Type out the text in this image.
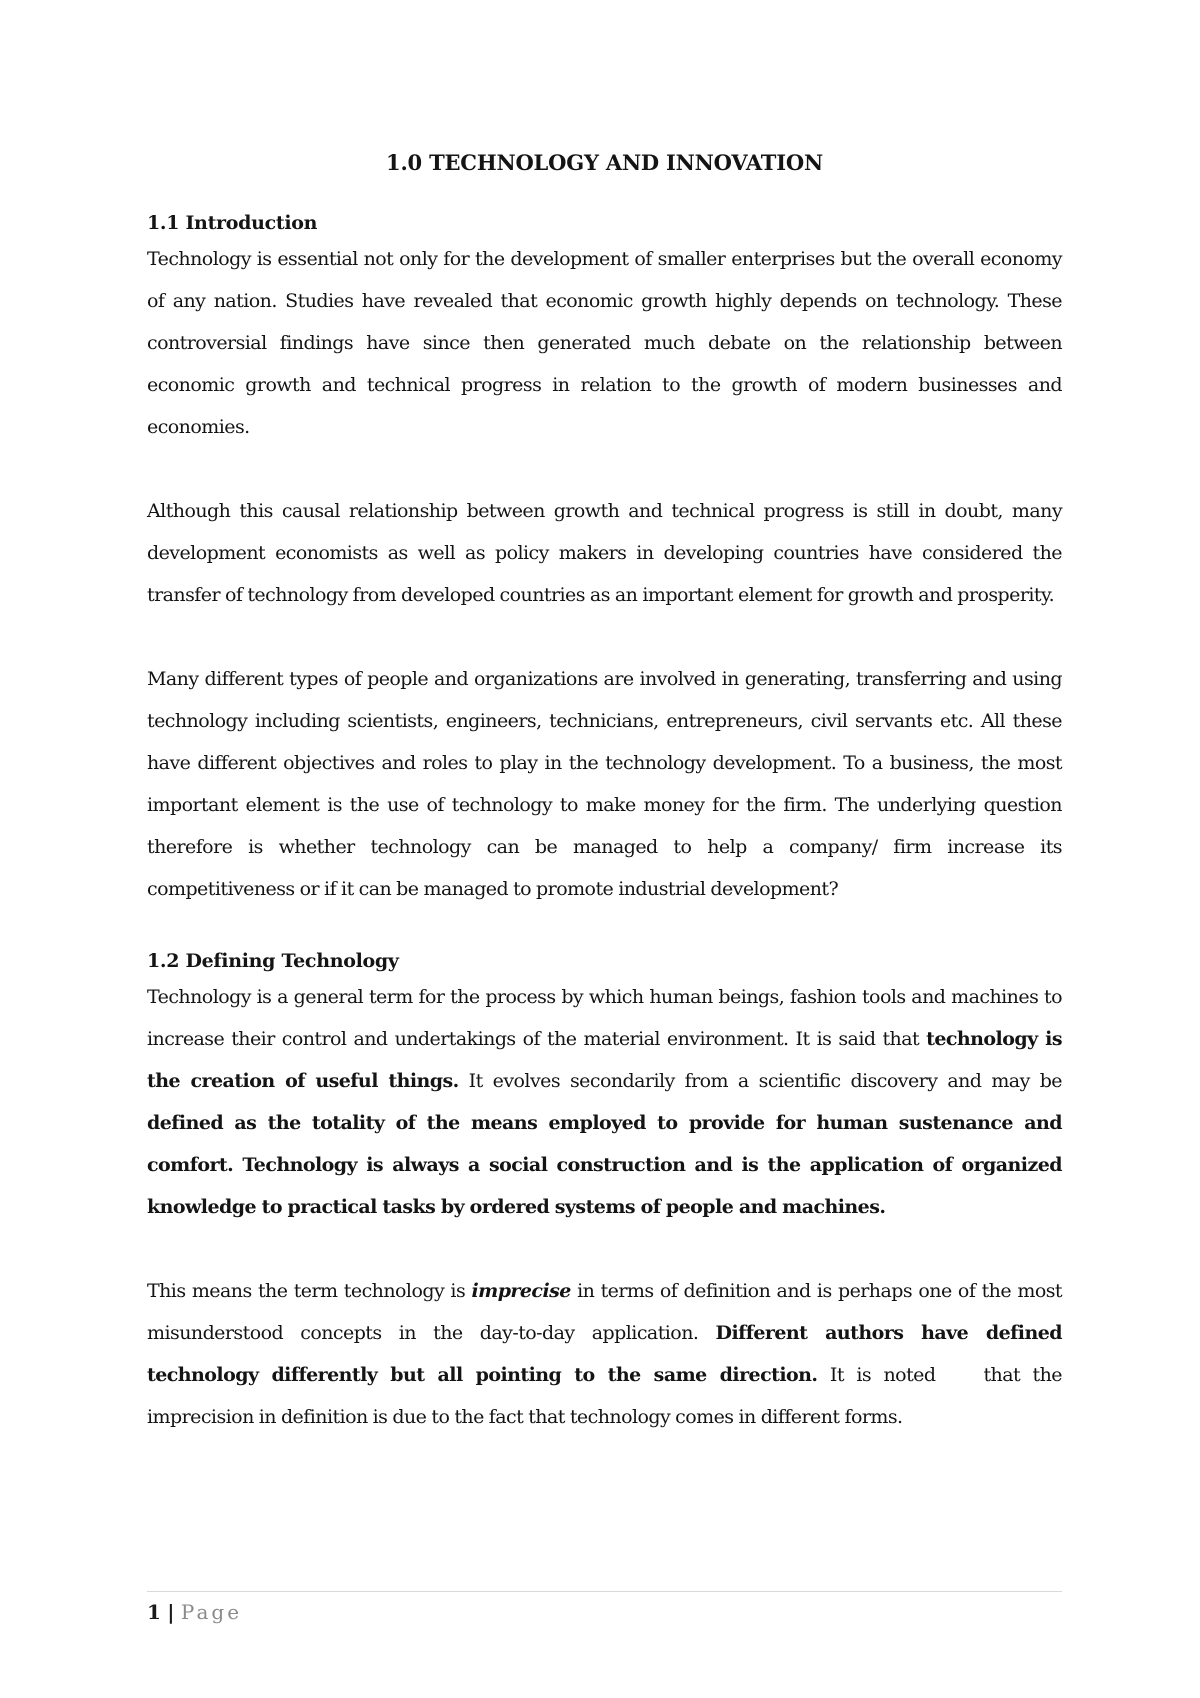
1.0 TECHNOLOGY AND INNOVATION
1.1 Introduction

Technology is essential not only for the development of smaller enterprises but the overall economy of any nation. Studies have revealed that economic growth highly depends on technology. These controversial findings have since then generated much debate on the relationship between economic growth and technical progress in relation to the growth of modern businesses and economies.

Although this causal relationship between growth and technical progress is still in doubt, many development economists as well as policy makers in developing countries have considered the transfer of technology from developed countries as an important element for growth and prosperity.

Many different types of people and organizations are involved in generating, transferring and using technology including scientists, engineers, technicians, entrepreneurs, civil servants etc. All these have different objectives and roles to play in the technology development. To a business, the most important element is the use of technology to make money for the firm. The underlying question therefore is whether technology can be managed to help a company/ firm increase its competitiveness or if it can be managed to promote industrial development?

1.2 Defining Technology

Technology is a general term for the process by which human beings, fashion tools and machines to increase their control and undertakings of the material environment. It is said that technology is the creation of useful things. It evolves secondarily from a scientific discovery and may be defined as the totality of the means employed to provide for human sustenance and comfort. Technology is always a social construction and is the application of organized knowledge to practical tasks by ordered systems of people and machines.

This means the term technology is imprecise in terms of definition and is perhaps one of the most misunderstood concepts in the day-to-day application. Different authors have defined technology differently but all pointing to the same direction. It is noted	that the imprecision in definition is due to the fact that technology comes in different forms.

1 | Page
